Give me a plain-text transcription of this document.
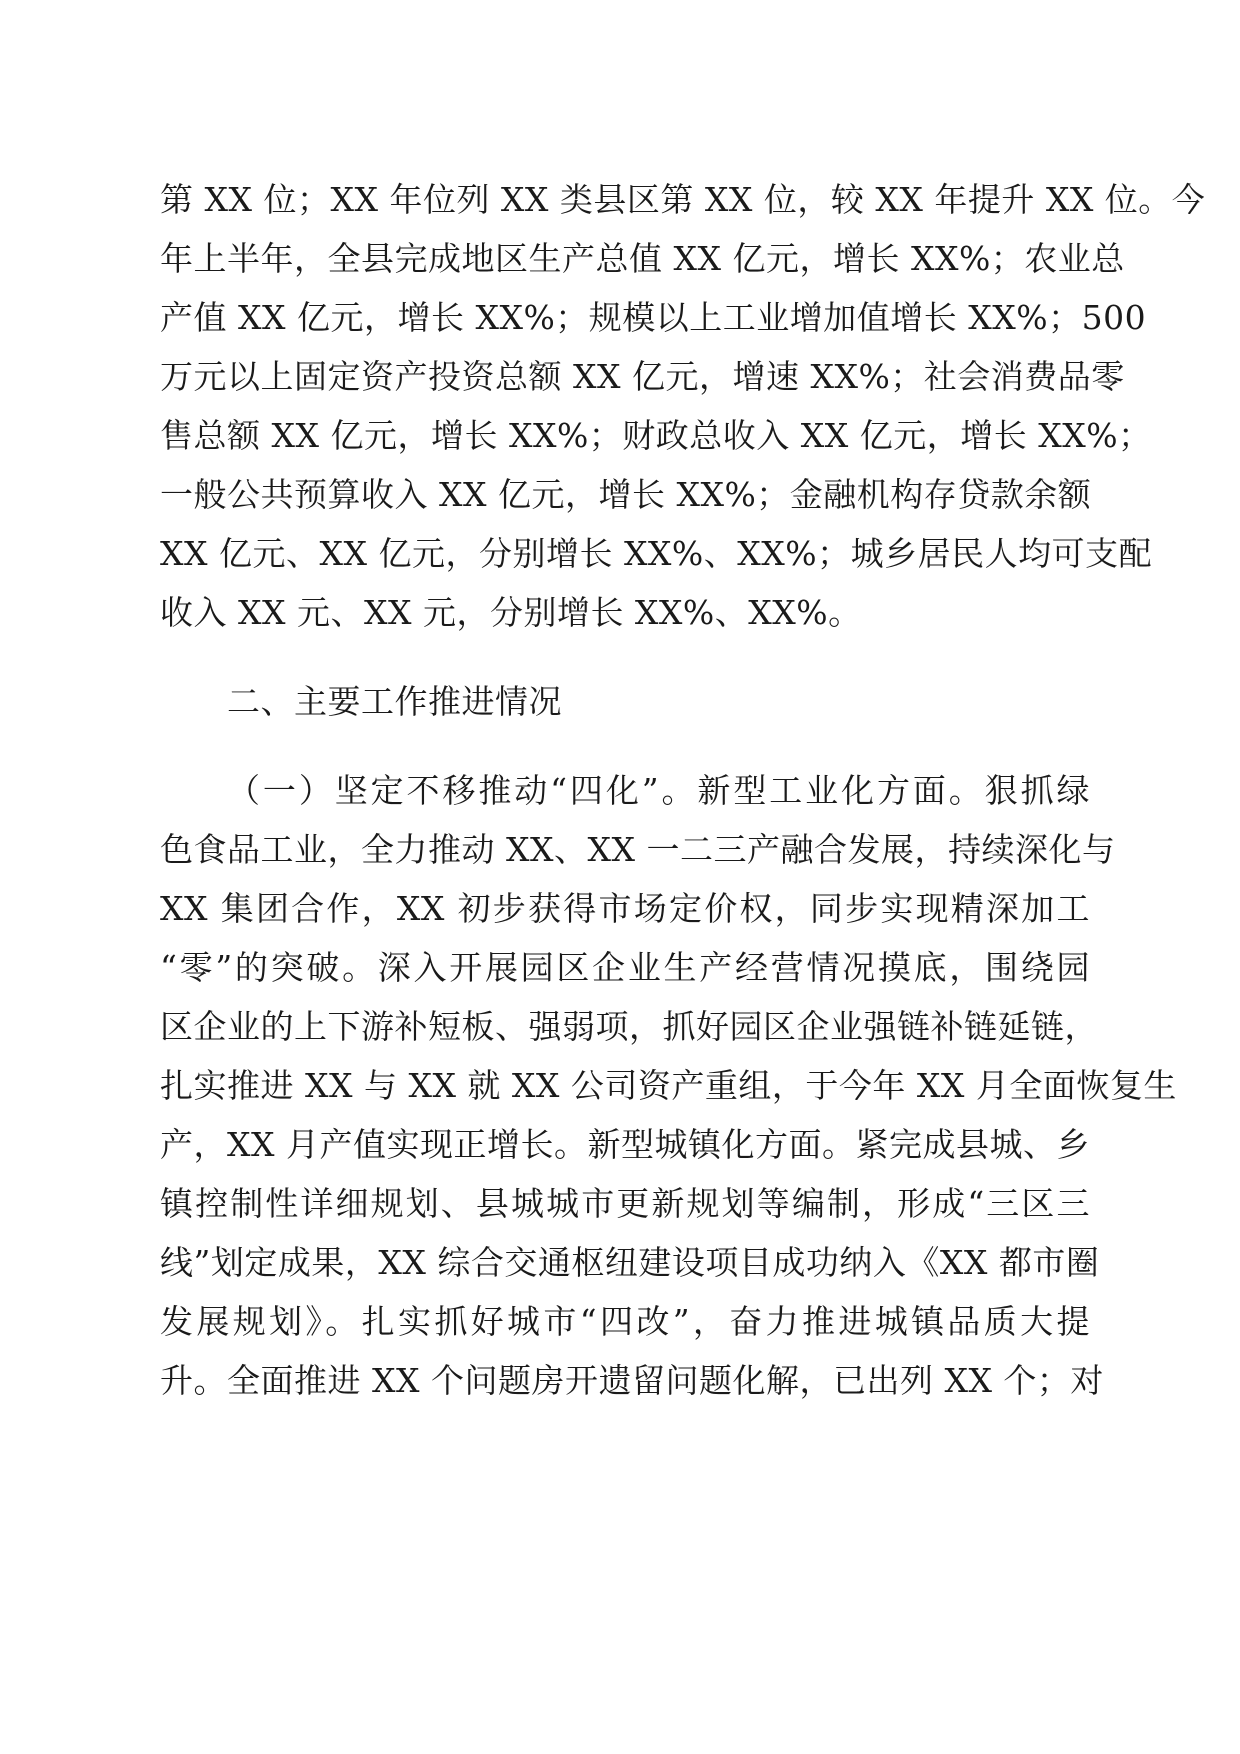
第 XX 位；XX 年位列 XX 类县区第 XX 位，较 XX 年提升 XX 位。今
年上半年，全县完成地区生产总值 XX 亿元，增长 XX%；农业总
产值 XX 亿元，增长 XX%；规模以上工业增加值增长 XX%；500
万元以上固定资产投资总额 XX 亿元，增速 XX%；社会消费品零
售总额 XX 亿元，增长 XX%；财政总收入 XX 亿元，增长 XX%；
一般公共预算收入 XX 亿元，增长 XX%；金融机构存贷款余额
XX 亿元、XX 亿元，分别增长 XX%、XX%；城乡居民人均可支配
收入 XX 元、XX 元，分别增长 XX%、XX%。
二、主要工作推进情况
（一）坚定不移推动“四化”。新型工业化方面。狠抓绿
色食品工业，全力推动 XX、XX 一二三产融合发展，持续深化与
XX 集团合作，XX 初步获得市场定价权，同步实现精深加工
“零”的突破。深入开展园区企业生产经营情况摸底，围绕园
区企业的上下游补短板、强弱项，抓好园区企业强链补链延链，
扎实推进 XX 与 XX 就 XX 公司资产重组，于今年 XX 月全面恢复生
产，XX 月产值实现正增长。新型城镇化方面。紧完成县城、乡
镇控制性详细规划、县城城市更新规划等编制，形成“三区三
线”划定成果，XX 综合交通枢纽建设项目成功纳入《XX 都市圈
发展规划》。扎实抓好城市“四改”，奋力推进城镇品质大提
升。全面推进 XX 个问题房开遗留问题化解，已出列 XX 个；对
